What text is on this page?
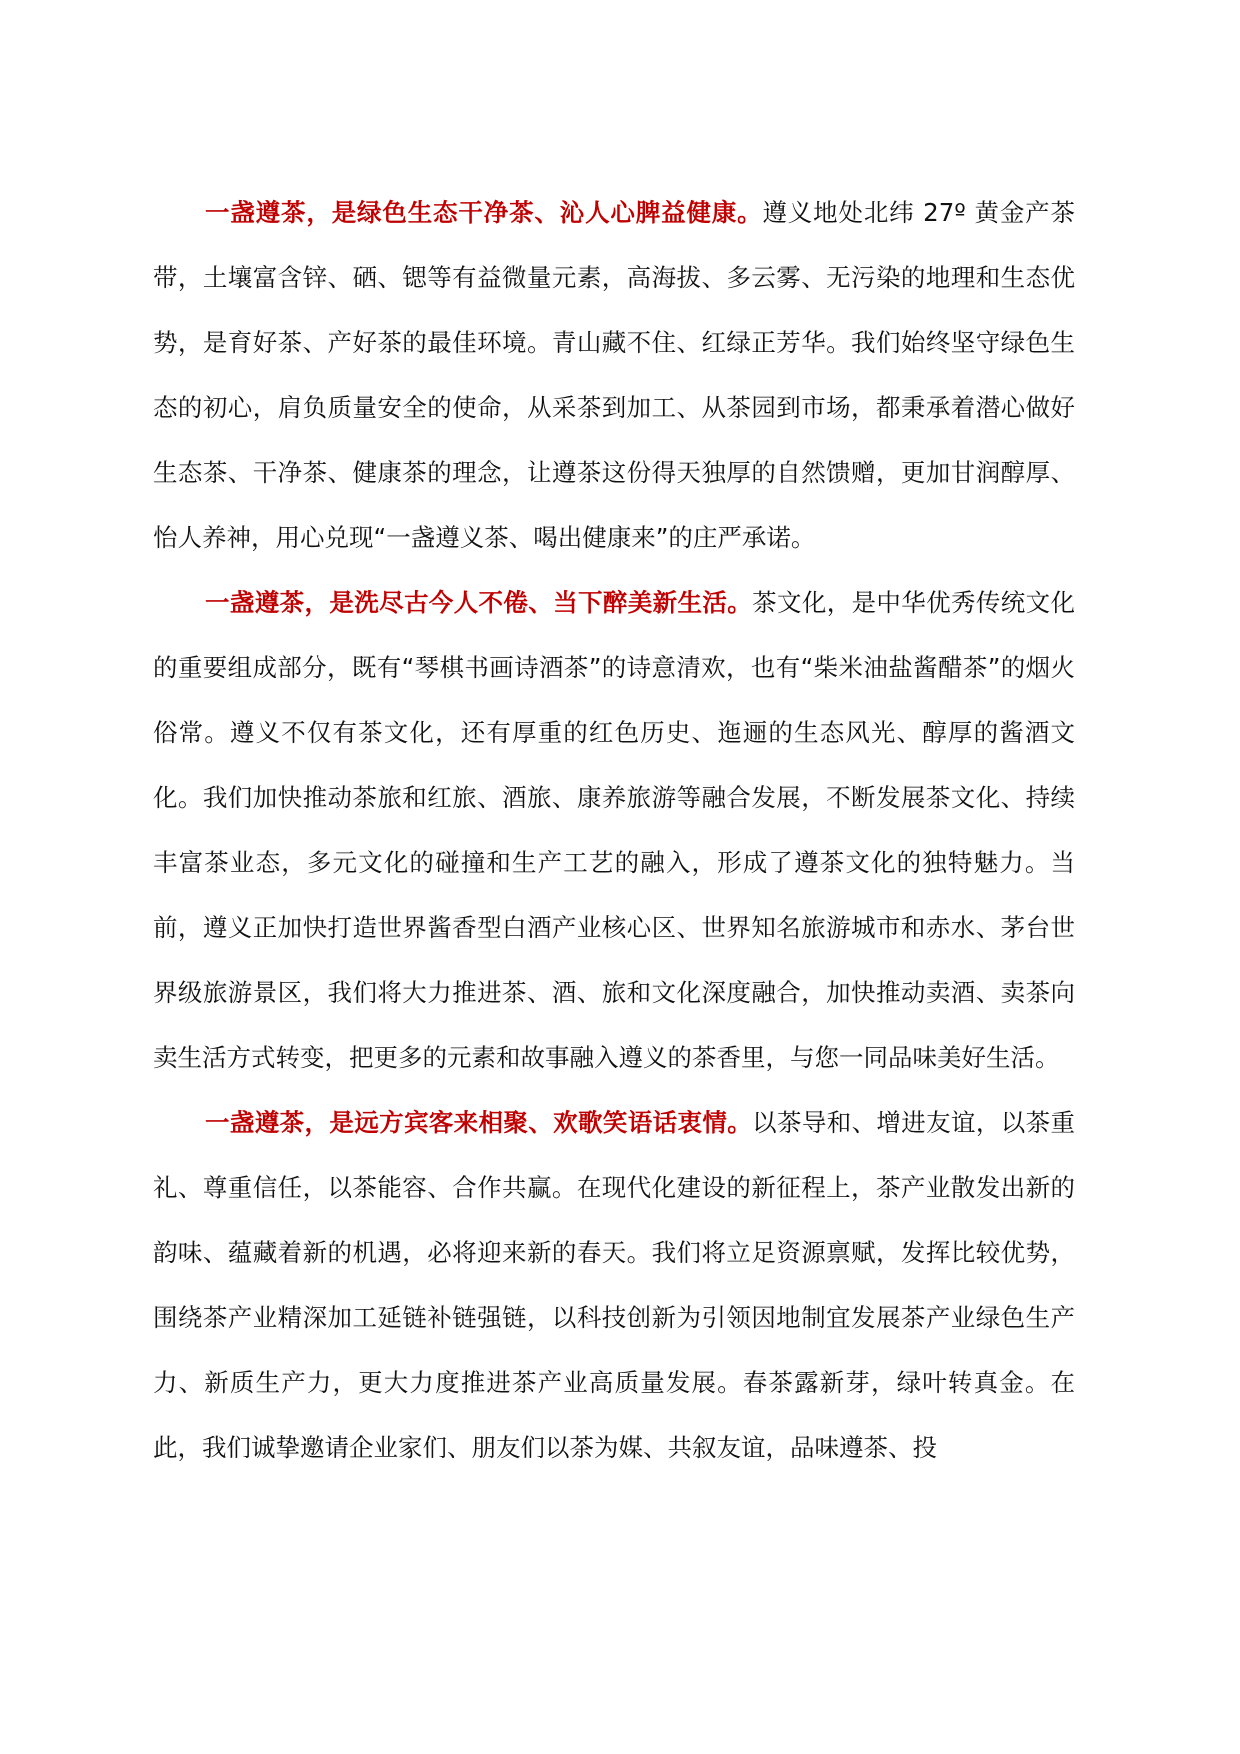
一盏遵茶，是绿色生态干净茶、沁人心脾益健康。遵义地处北纬 27º 黄金产茶带，土壤富含锌、硒、锶等有益微量元素，高海拔、多云雾、无污染的地理和生态优势，是育好茶、产好茶的最佳环境。青山藏不住、红绿正芳华。我们始终坚守绿色生态的初心，肩负质量安全的使命，从采茶到加工、从茶园到市场，都秉承着潜心做好生态茶、干净茶、健康茶的理念，让遵茶这份得天独厚的自然馈赠，更加甘润醇厚、怡人养神，用心兑现“一盏遵义茶、喝出健康来”的庄严承诺。

一盏遵茶，是洗尽古今人不倦、当下醉美新生活。茶文化，是中华优秀传统文化的重要组成部分，既有“琴棋书画诗酒茶”的诗意清欢，也有“柴米油盐酱醋茶”的烟火俗常。遵义不仅有茶文化，还有厚重的红色历史、迤逦的生态风光、醇厚的酱酒文化。我们加快推动茶旅和红旅、酒旅、康养旅游等融合发展，不断发展茶文化、持续丰富茶业态，多元文化的碰撞和生产工艺的融入，形成了遵茶文化的独特魅力。当前，遵义正加快打造世界酱香型白酒产业核心区、世界知名旅游城市和赤水、茅台世界级旅游景区，我们将大力推进茶、酒、旅和文化深度融合，加快推动卖酒、卖茶向卖生活方式转变，把更多的元素和故事融入遵义的茶香里，与您一同品味美好生活。

一盏遵茶，是远方宾客来相聚、欢歌笑语话衷情。以茶导和、增进友谊，以茶重礼、尊重信任，以茶能容、合作共赢。在现代化建设的新征程上，茶产业散发出新的韵味、蕴藏着新的机遇，必将迎来新的春天。我们将立足资源禀赋，发挥比较优势，围绕茶产业精深加工延链补链强链，以科技创新为引领因地制宜发展茶产业绿色生产力、新质生产力，更大力度推进茶产业高质量发展。春茶露新芽，绿叶转真金。在此，我们诚挚邀请企业家们、朋友们以茶为媒、共叙友谊，品味遵茶、投
